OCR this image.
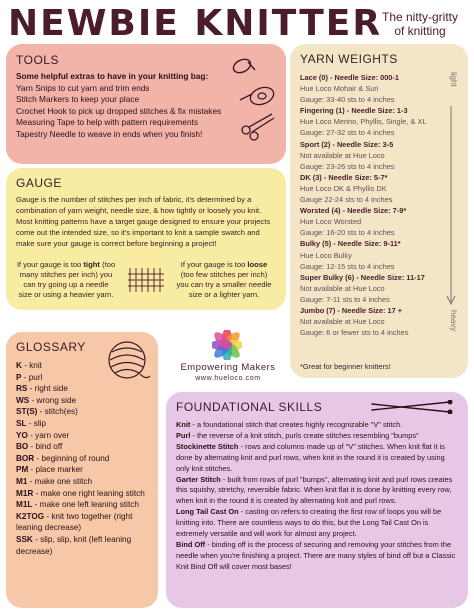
NEWBIE KNITTER The nitty-gritty
of knitting
TOOLS
Some helpful extras to have in your knitting bag:
Yarn Snips to cut yarn and trim ends
Stitch Markers to keep your place
Crochet Hook to pick up dropped stitches & fix mistakes
Measuring Tape to help with pattern requirements
Tapestry Needle to weave in ends when you finish!
GAUGE
Gauge is the number of stitches per inch of fabric, it's determined by a combination of yarn weight, needle size, & how tightly or loosely you knit. Most knitting patterns have a target gauge designed to ensure your projects come out the intended size, so it's important to knit a sample swatch and make sure your gauge is correct before beginning a project!
If your gauge is too tight (too many stitches per inch) you can try going up a needle size or using a heavier yarn.
If your gauge is too loose (too few stitches per inch) you can try a smaller needle size or a lighter yarn.
GLOSSARY
K - knit
P - purl
RS - right side
WS - wrong side
ST(S) - stitch(es)
SL - slip
YO - yarn over
BO - bind off
BOR - beginning of round
PM - place marker
M1 - make one stitch
M1R - make one right leaning stitch
M1L - make one left leaning stitch
K2TOG - knit two together (right leaning decrease)
SSK - slip, slip, knit (left leaning decrease)
YARN WEIGHTS
Lace (0) - Needle Size: 000-1
Hue Loco Mohair & Suri
Gauge: 33-40 sts to 4 inches
Fingering (1) - Needle Size: 1-3
Hue Loco Merino, Phyllis, Single, & XL
Gauge: 27-32 sts to 4 inches
Sport (2) - Needle Size: 3-5
Not available at Hue Loco
Gauge: 23-26 sts to 4 inches
DK (3) - Needle Size: 5-7*
Hue Loco DK & Phyllis DK
Gauge 22-24 sts to 4 inches
Worsted (4) - Needle Size: 7-9*
Hue Loco Worsted
Gauge: 16-20 sts to 4 inches
Bulky (5) - Needle Size: 9-11*
Hue Loco Bulky
Gauge: 12-15 sts to 4 inches
Super Bulky (6) - Needle Size: 11-17
Not available at Hue Loco
Gauge: 7-11 sts to 4 inches
Jumbo (7) - Needle Size: 17 +
Not available at Hue Loco
Gauge: 6 or fewer sts to 4 inches
*Great for beginner knitters!
light
heavy
Empowering Makers
www.hueloco.com
FOUNDATIONAL SKILLS
Knit - a foundational stitch that creates highly recognizable "V" stitch.
Purl - the reverse of a knit stitch, purls create stitches resembling "bumps"
Stockinette Stitch - rows and columns made up of "V" stitches. When knit flat it is done by alternating knit and purl rows, when knit in the round it is created by using only knit stitches.
Garter Stitch - built from rows of purl "bumps", alternating knit and purl rows creates this squishy, stretchy, reversible fabric. When knit flat it is done by knitting every row, when knit in the round it is created by alternating knit and purl rows.
Long Tail Cast On - casting on refers to creating the first row of loops you will be knitting into. There are countless ways to do this, but the Long Tail Cast On is extremely versatile and will work for almost any project.
Bind Off - binding off is the process of securing and removing your stitches from the needle when you're finishing a project. There are many styles of bind off but a Classic Knit Bind Off will cover most bases!
